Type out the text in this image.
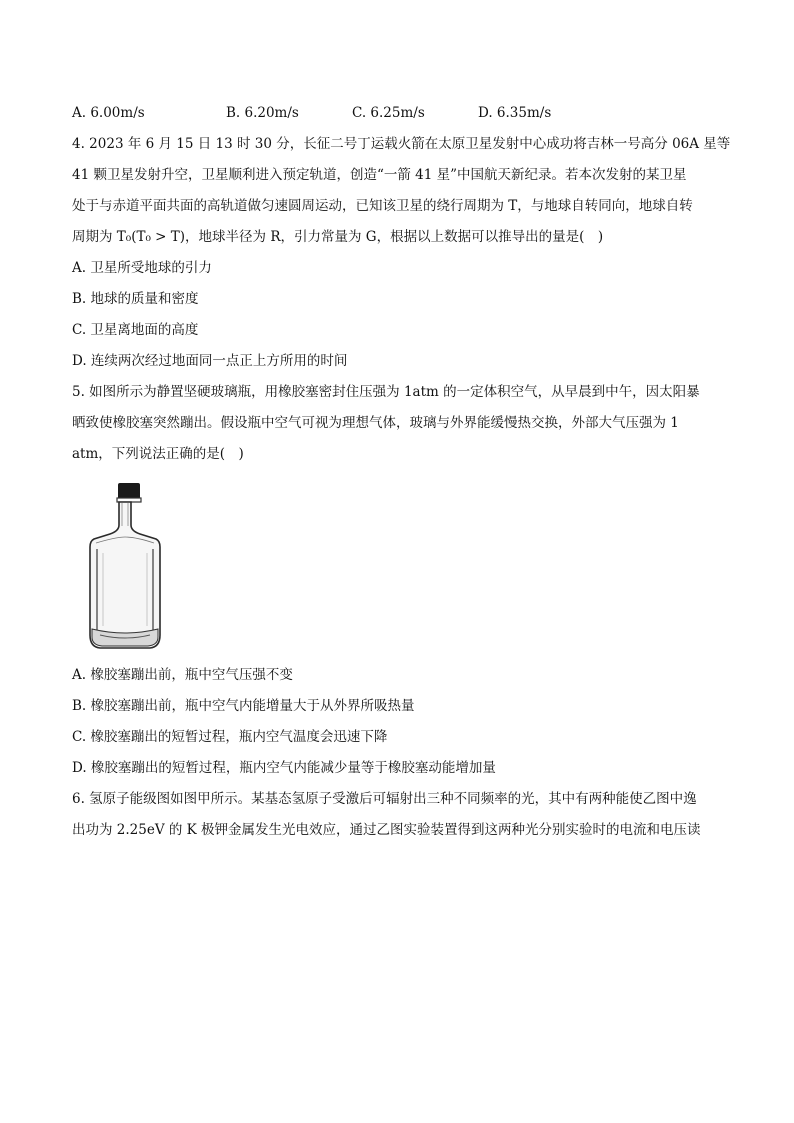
A. 6.00m/s	B. 6.20m/s	C. 6.25m/s	D. 6.35m/s
4. 2023 年 6 月 15 日 13 时 30 分，长征二号丁运载火箭在太原卫星发射中心成功将吉林一号高分 06A 星等
41 颗卫星发射升空，卫星顺利进入预定轨道，创造“一箭 41 星”中国航天新纪录。若本次发射的某卫星
处于与赤道平面共面的高轨道做匀速圆周运动，已知该卫星的绕行周期为 T，与地球自转同向，地球自转
周期为 T₀(T₀ > T)，地球半径为 R，引力常量为 G，根据以上数据可以推导出的量是(　)
A. 卫星所受地球的引力
B. 地球的质量和密度
C. 卫星离地面的高度
D. 连续两次经过地面同一点正上方所用的时间
5. 如图所示为静置坚硬玻璃瓶，用橡胶塞密封住压强为 1atm 的一定体积空气，从早晨到中午，因太阳暴
晒致使橡胶塞突然蹦出。假设瓶中空气可视为理想气体，玻璃与外界能缓慢热交换，外部大气压强为 1
atm，下列说法正确的是(　)
A. 橡胶塞蹦出前，瓶中空气压强不变
B. 橡胶塞蹦出前，瓶中空气内能增量大于从外界所吸热量
C. 橡胶塞蹦出的短暂过程，瓶内空气温度会迅速下降
D. 橡胶塞蹦出的短暂过程，瓶内空气内能减少量等于橡胶塞动能增加量
6. 氢原子能级图如图甲所示。某基态氢原子受激后可辐射出三种不同频率的光，其中有两种能使乙图中逸
出功为 2.25eV 的 K 极钾金属发生光电效应，通过乙图实验装置得到这两种光分别实验时的电流和电压读
